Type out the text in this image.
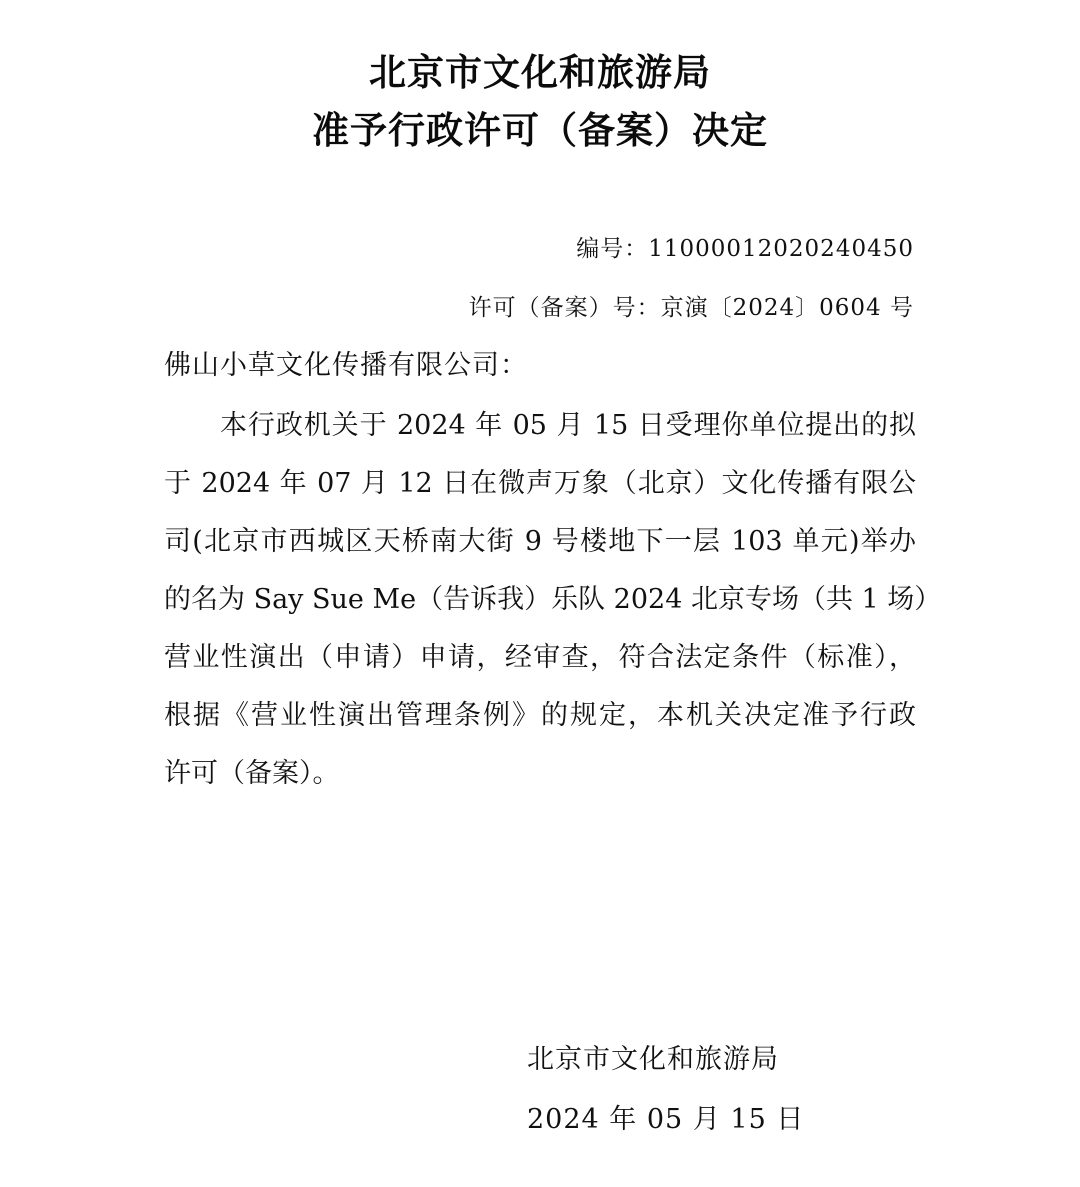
北京市文化和旅游局
准予行政许可（备案）决定
编号：11000012020240450
许可（备案）号：京演〔2024〕0604 号
佛山小草文化传播有限公司：
本行政机关于 2024 年 05 月 15 日受理你单位提出的拟
于 2024 年 07 月 12 日在微声万象（北京）文化传播有限公
司(北京市西城区天桥南大街 9 号楼地下一层 103 单元)举办
的名为 Say Sue Me（告诉我）乐队 2024 北京专场（共 1 场）
营业性演出（申请）申请，经审查，符合法定条件（标准），
根据《营业性演出管理条例》的规定，本机关决定准予行政
许可（备案）。
北京市文化和旅游局
2024 年 05 月 15 日
